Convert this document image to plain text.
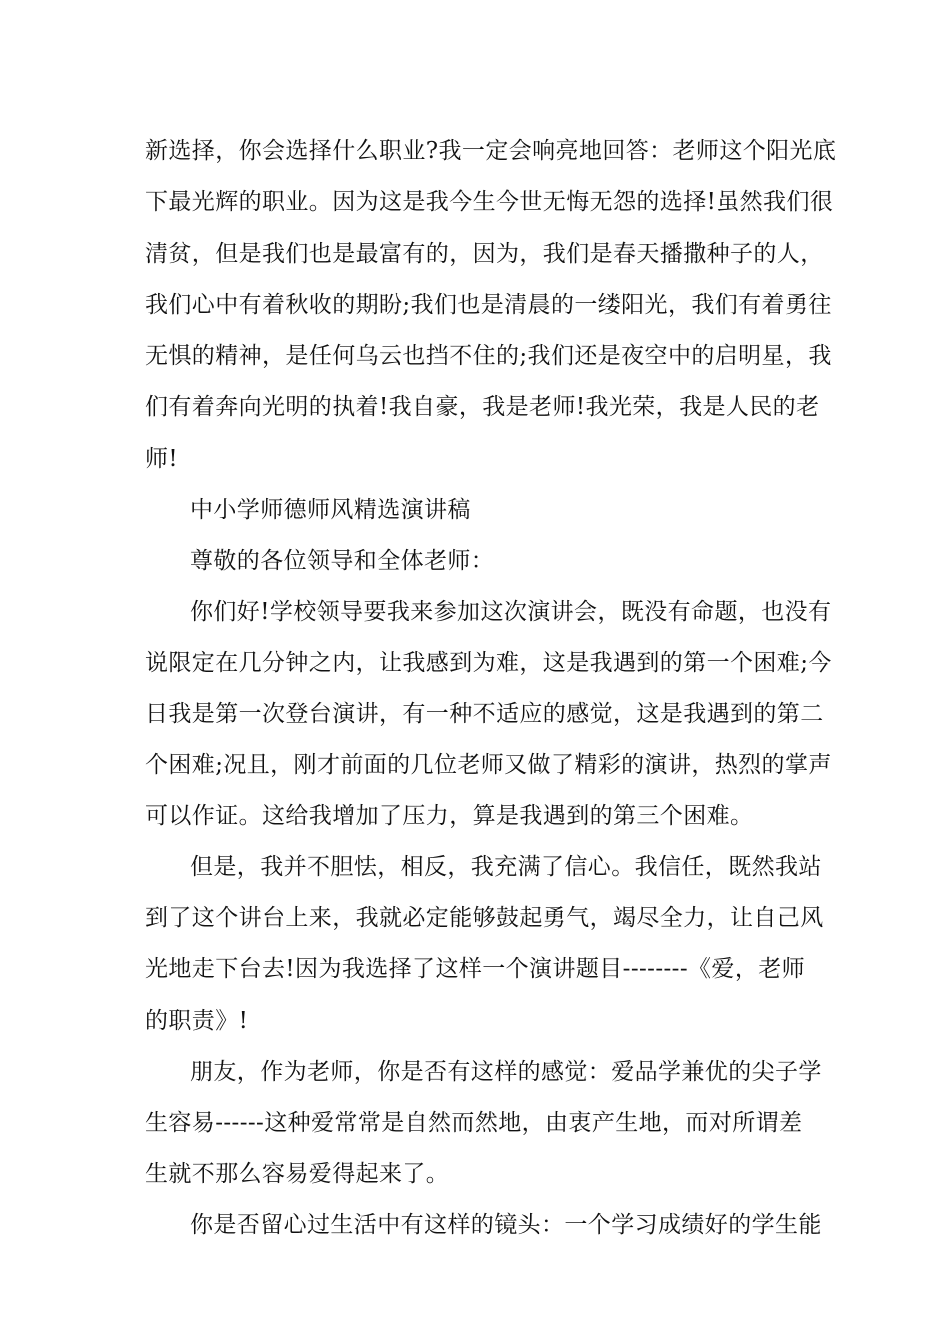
新选择，你会选择什么职业?我一定会响亮地回答：老师这个阳光底
下最光辉的职业。因为这是我今生今世无悔无怨的选择!虽然我们很
清贫，但是我们也是最富有的，因为，我们是春天播撒种子的人，
我们心中有着秋收的期盼;我们也是清晨的一缕阳光，我们有着勇往
无惧的精神，是任何乌云也挡不住的;我们还是夜空中的启明星，我
们有着奔向光明的执着!我自豪，我是老师!我光荣，我是人民的老
师!
中小学师德师风精选演讲稿
尊敬的各位领导和全体老师：
你们好!学校领导要我来参加这次演讲会，既没有命题，也没有
说限定在几分钟之内，让我感到为难，这是我遇到的第一个困难;今
日我是第一次登台演讲，有一种不适应的感觉，这是我遇到的第二
个困难;况且，刚才前面的几位老师又做了精彩的演讲，热烈的掌声
可以作证。这给我增加了压力，算是我遇到的第三个困难。
但是，我并不胆怯，相反，我充满了信心。我信任，既然我站
到了这个讲台上来，我就必定能够鼓起勇气，竭尽全力，让自己风
光地走下台去!因为我选择了这样一个演讲题目--------《爱，老师
的职责》!
朋友，作为老师，你是否有这样的感觉：爱品学兼优的尖子学
生容易------这种爱常常是自然而然地，由衷产生地，而对所谓差
生就不那么容易爱得起来了。
你是否留心过生活中有这样的镜头：一个学习成绩好的学生能
